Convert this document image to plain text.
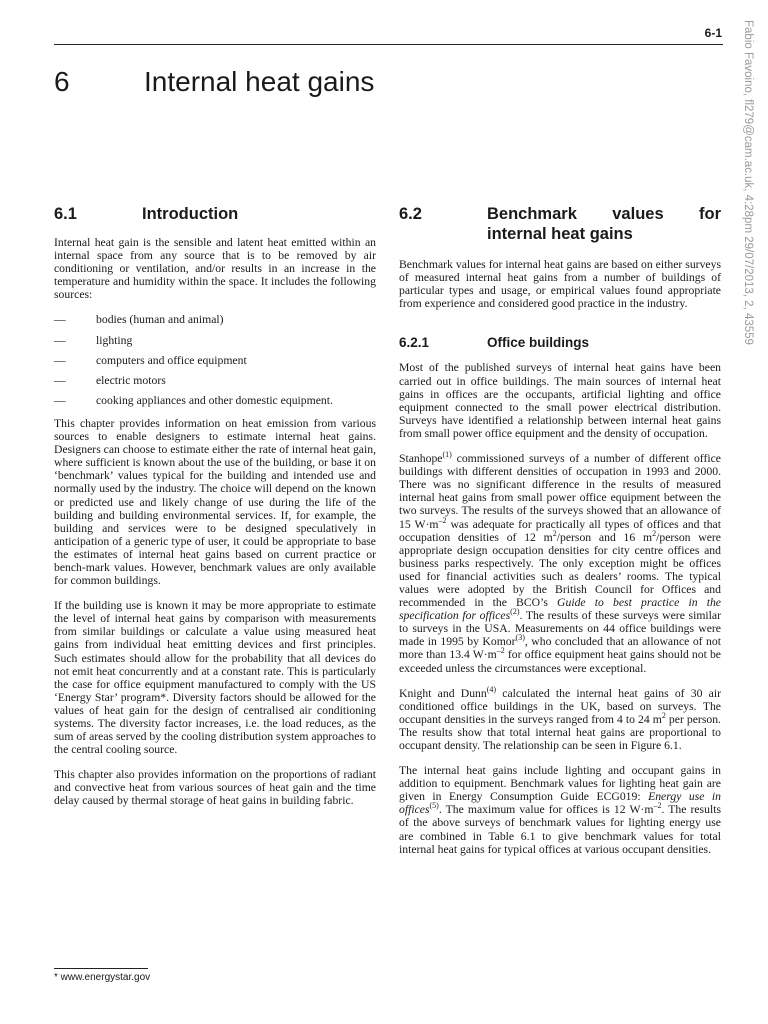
6-1 Fabio Favoino, fl279@cam.ac.uk, 4:28pm 29/07/2013, 2, 43559
6	Internal heat gains
6.1	Introduction

Internal heat gain is the sensible and latent heat emitted within an internal space from any source that is to be removed by air conditioning or ventilation, and/or results in an increase in the temperature and humidity within the space. It includes the following sources:

—	bodies (human and animal)
—	lighting
—	computers and office equipment
—	electric motors
—	cooking appliances and other domestic equipment.

This chapter provides information on heat emission from various sources to enable designers to estimate internal heat gains. Designers can choose to estimate either the rate of internal heat gain, where sufficient is known about the use of the building, or base it on ‘benchmark’ values typical for the building and intended use and normally used by the industry. The choice will depend on the known or predicted use and likely change of use during the life of the building and building environmental services. If, for example, the building and services were to be designed speculatively in anticipation of a generic type of user, it could be appropriate to base the estimates of internal heat gains based on current practice or bench-mark values. However, benchmark values are only available for common buildings.

If the building use is known it may be more appropriate to estimate the level of internal heat gains by comparison with measurements from similar buildings or calculate a value using measured heat gains from individual heat emitting devices and first principles. Such estimates should allow for the probability that all devices do not emit heat concurrently and at a constant rate. This is particularly the case for office equipment manufactured to comply with the US ‘Energy Star’ program*. Diversity factors should be allowed for the values of heat gain for the design of centralised air conditioning systems. The diversity factor increases, i.e. the load reduces, as the sum of areas served by the cooling distribution system approaches to the central cooling source.

This chapter also provides information on the proportions of radiant and convective heat from various sources of heat gain and the time delay caused by thermal storage of heat gains in building fabric.

6.2	Benchmark values for internal heat gains

Benchmark values for internal heat gains are based on either surveys of measured internal heat gains from a number of buildings of particular types and usage, or empirical values found appropriate from experience and considered good practice in the industry.

6.2.1	Office buildings

Most of the published surveys of internal heat gains have been carried out in office buildings. The main sources of internal heat gains in offices are the occupants, artificial lighting and office equipment connected to the small power electrical distribution. Surveys have identified a relationship between internal heat gains from small power office equipment and the density of occupation.

Stanhope$^{(1)}$ commissioned surveys of a number of different office buildings with different densities of occupation in 1993 and 2000. There was no significant difference in the results of measured internal heat gains from small power office equipment between the two surveys. The results of the surveys showed that an allowance of 15 $W\cdot m^{-2}$ was adequate for practically all types of offices and that occupation densities of 12 $m^2$/person and 16 $m^2$/person were appropriate design occupation densities for city centre offices and business parks respectively. The only exception might be offices used for financial activities such as dealers’ rooms. The typical values were adopted by the British Council for Offices and recommended in the BCO’s Guide to best practice in the specification for offices$^{(2)}$. The results of these surveys were similar to surveys in the USA. Measurements on 44 office buildings were made in 1995 by Komor$^{(3)}$, who concluded that an allowance of not more than 13.4 $W\cdot m^{-2}$ for office equipment heat gains should not be exceeded unless the circumstances were exceptional.

Knight and Dunn$^{(4)}$ calculated the internal heat gains of 30 air conditioned office buildings in the UK, based on surveys. The occupant densities in the surveys ranged from 4 to 24 $m^2$ per person. The results show that total internal heat gains are proportional to occupant density. The relationship can be seen in Figure 6.1.

The internal heat gains include lighting and occupant gains in addition to equipment. Benchmark values for lighting heat gain are given in Energy Consumption Guide ECG019: Energy use in offices$^{(5)}$. The maximum value for offices is 12 $W\cdot m^{-2}$. The results of the above surveys of benchmark values for lighting energy use are combined in Table 6.1 to give benchmark values for total internal heat gains for typical offices at various occupant densities.

* www.energystar.gov
